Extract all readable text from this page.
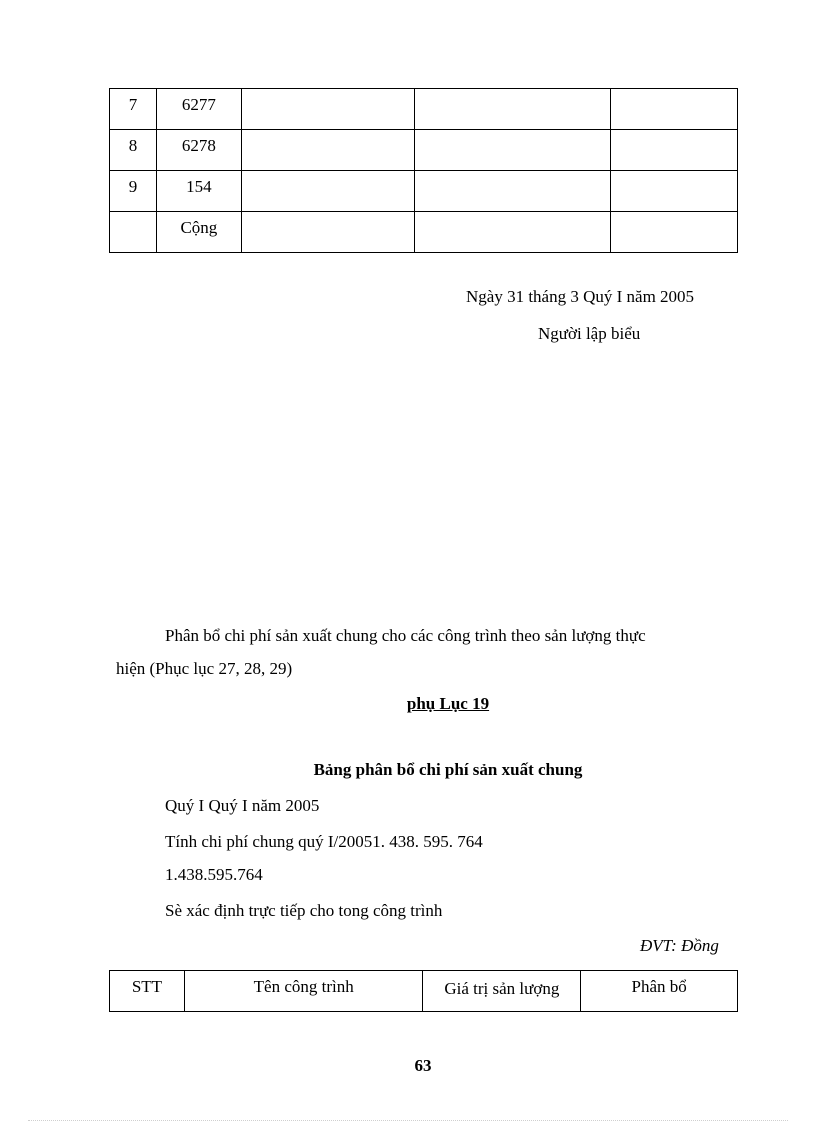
7	6277			

8	6278			

9	154			

	Cộng			

Ngày 31 tháng 3 Quý I năm 2005
Người lập biểu
Phân bổ chi phí sản xuất chung cho các công trình theo sản lượng thực
hiện (Phục lục 27, 28, 29)
phụ Lục 19
Bảng phân bổ chi phí sản xuất chung
Quý I Quý I năm 2005
Tính chi phí chung quý I/20051. 438. 595. 764
1.438.595.764
Sè xác định trực tiếp cho tong công trình
ĐVT: Đồng
STT	Tên công trình	Giá trị sản lượng	Phân bổ
63
